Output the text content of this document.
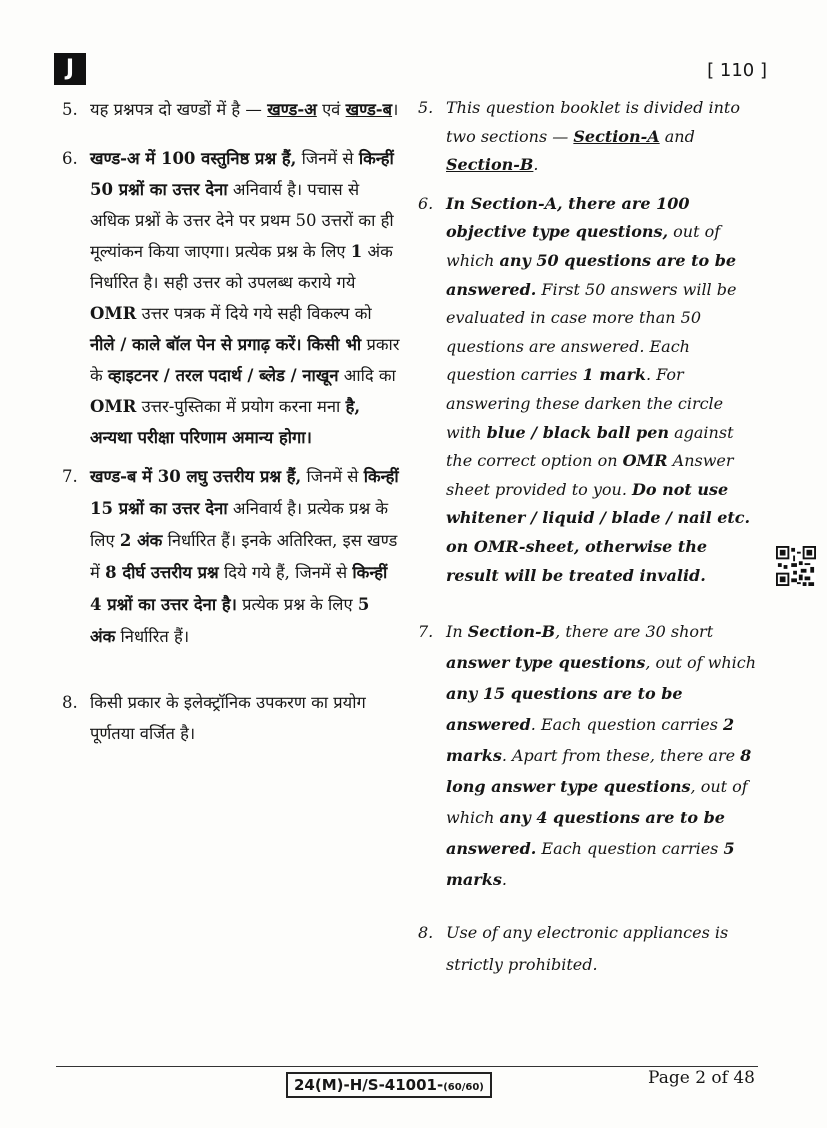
J	[ 110 ]
5. यह प्रश्नपत्र दो खण्डों में है — खण्ड-अ एवं खण्ड-ब।
6. खण्ड-अ में 100 वस्तुनिष्ठ प्रश्न हैं, जिनमें से किन्हीं 50 प्रश्नों का उत्तर देना अनिवार्य है। पचास से अधिक प्रश्नों के उत्तर देने पर प्रथम 50 उत्तरों का ही मूल्यांकन किया जाएगा। प्रत्येक प्रश्न के लिए 1 अंक निर्धारित है। सही उत्तर को उपलब्ध कराये गये OMR उत्तर पत्रक में दिये गये सही विकल्प को नीले / काले बॉल पेन से प्रगाढ़ करें। किसी भी प्रकार के व्हाइटनर / तरल पदार्थ / ब्लेड / नाखून आदि का OMR उत्तर-पुस्तिका में प्रयोग करना मना है, अन्यथा परीक्षा परिणाम अमान्य होगा।
7. खण्ड-ब में 30 लघु उत्तरीय प्रश्न हैं, जिनमें से किन्हीं 15 प्रश्नों का उत्तर देना अनिवार्य है। प्रत्येक प्रश्न के लिए 2 अंक निर्धारित हैं। इनके अतिरिक्त, इस खण्ड में 8 दीर्घ उत्तरीय प्रश्न दिये गये हैं, जिनमें से किन्हीं 4 प्रश्नों का उत्तर देना है। प्रत्येक प्रश्न के लिए 5 अंक निर्धारित हैं।
8. किसी प्रकार के इलेक्ट्रॉनिक उपकरण का प्रयोग पूर्णतया वर्जित है।
5. This question booklet is divided into two sections — Section-A and Section-B.
6. In Section-A, there are 100 objective type questions, out of which any 50 questions are to be answered. First 50 answers will be evaluated in case more than 50 questions are answered. Each question carries 1 mark. For answering these darken the circle with blue / black ball pen against the correct option on OMR Answer sheet provided to you. Do not use whitener / liquid / blade / nail etc. on OMR-sheet, otherwise the result will be treated invalid.
7. In Section-B, there are 30 short answer type questions, out of which any 15 questions are to be answered. Each question carries 2 marks. Apart from these, there are 8 long answer type questions, out of which any 4 questions are to be answered. Each question carries 5 marks.
8. Use of any electronic appliances is strictly prohibited.
24(M)-H/S-41001-(60/60)	Page 2 of 48
